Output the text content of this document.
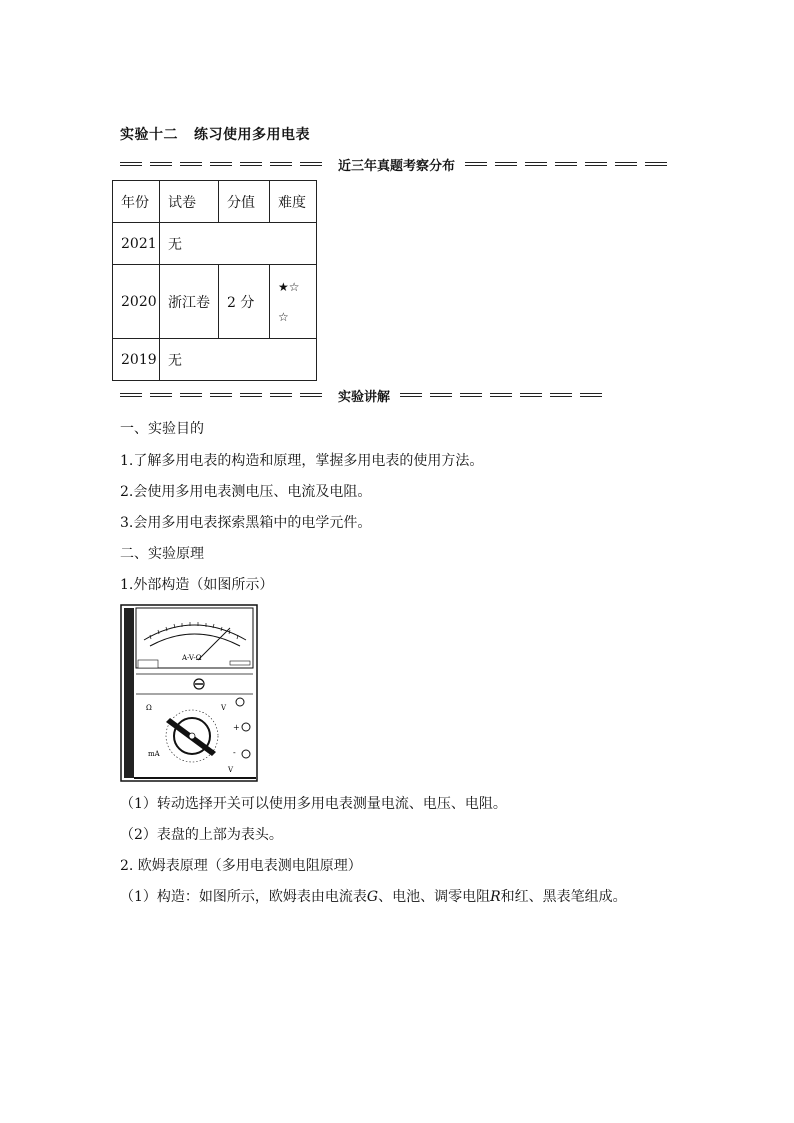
实验十二 练习使用多用电表
近三年真题考察分布
年份	试卷	分值	难度
2021	无		
2020	浙江卷	2 分	★☆
☆

2019	无		
实验讲解
一、实验目的
1.了解多用电表的构造和原理，掌握多用电表的使用方法。
2.会使用多用电表测电压、电流及电阻。
3.会用多用电表探索黑箱中的电学元件。
二、实验原理
1.外部构造（如图所示）
A-V-Ω
Ω	V
mA
V
+
-
（1）转动选择开关可以使用多用电表测量电流、电压、电阻。
（2）表盘的上部为表头。
2. 欧姆表原理（多用电表测电阻原理）
（1）构造：如图所示，欧姆表由电流表G、电池、调零电阻R和红、黑表笔组成。
